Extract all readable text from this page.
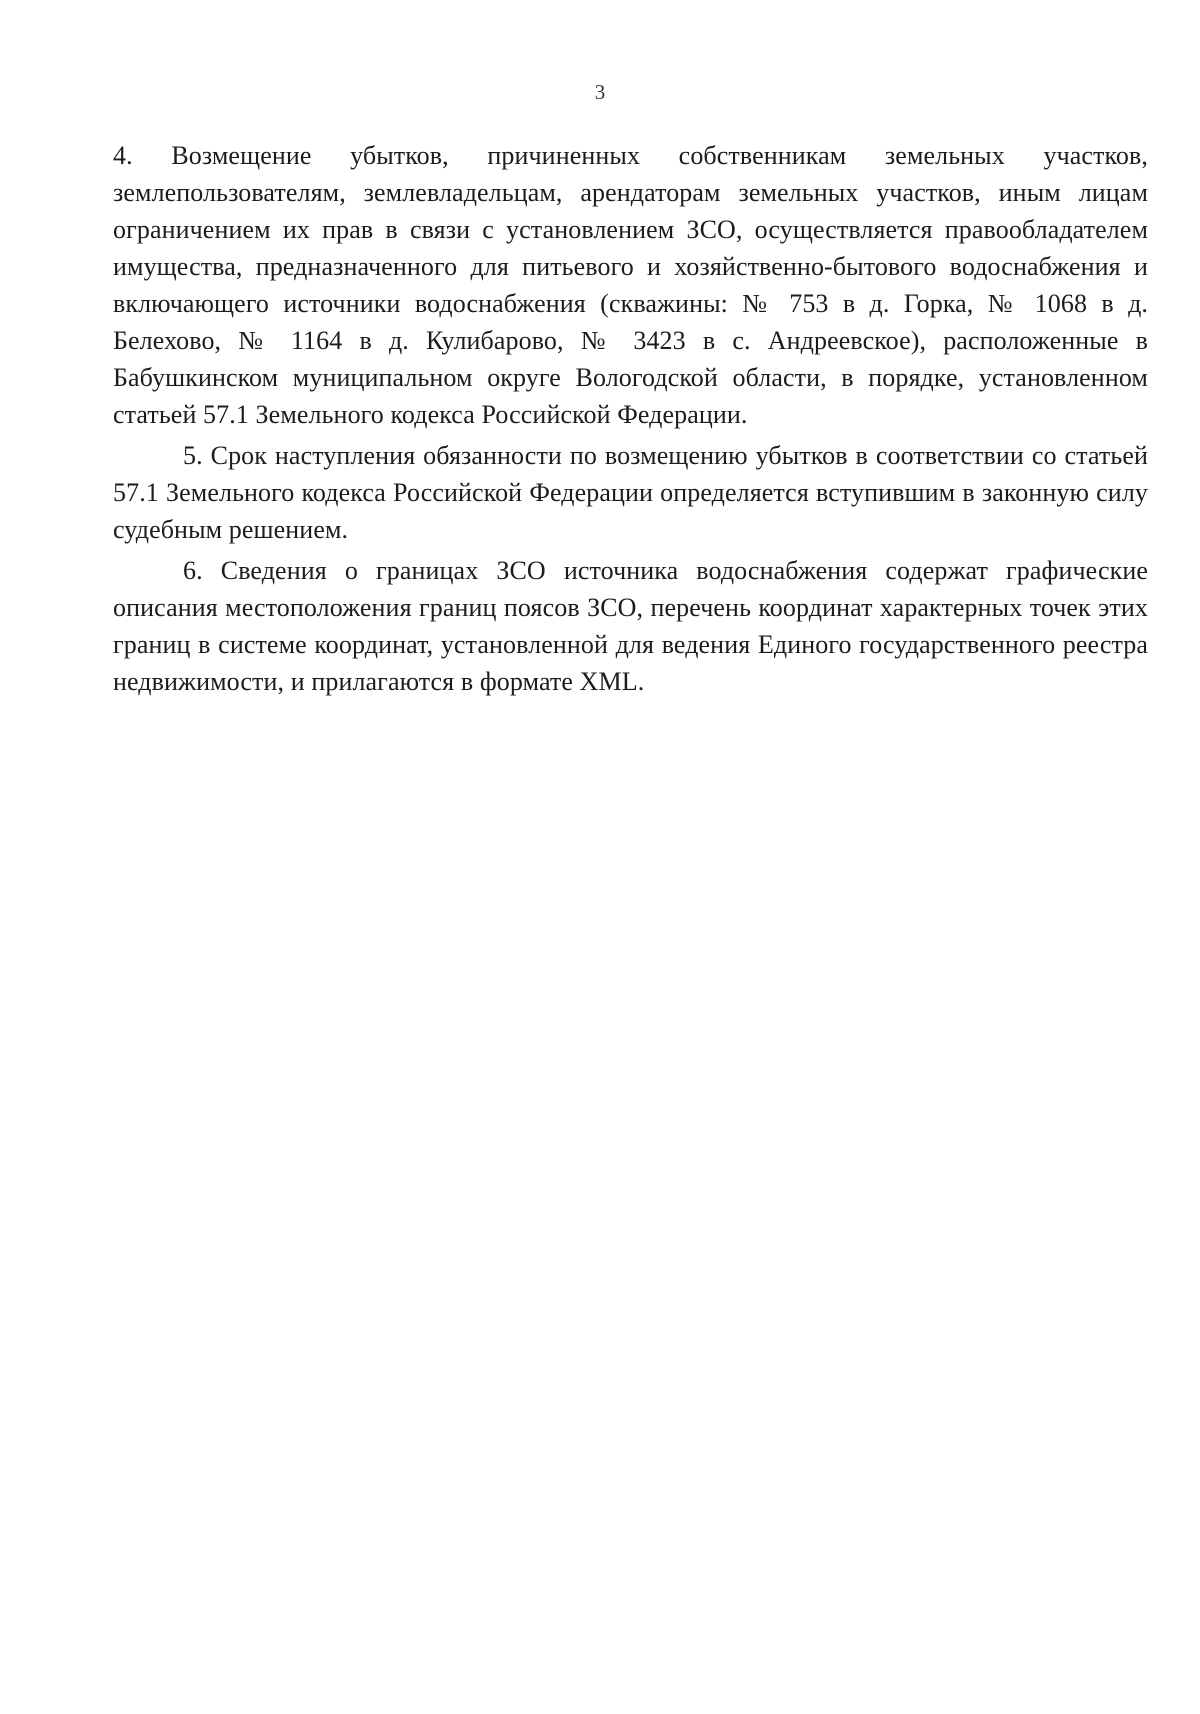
3

4. Возмещение убытков, причиненных собственникам земельных участков, землепользователям, землевладельцам, арендаторам земельных участков, иным лицам ограничением их прав в связи с установлением ЗСО, осуществляется правообладателем имущества, предназначенного для питьевого и хозяйственно-бытового водоснабжения и включающего источники водоснабжения (скважины: № 753 в д. Горка, № 1068 в д. Белехово, № 1164 в д. Кулибарово, № 3423 в с. Андреевское), расположенные в Бабушкинском муниципальном округе Вологодской области, в порядке, установленном статьей 57.1 Земельного кодекса Российской Федерации.

5. Срок наступления обязанности по возмещению убытков в соответствии со статьей 57.1 Земельного кодекса Российской Федерации определяется вступившим в законную силу судебным решением.

6. Сведения о границах ЗСО источника водоснабжения содержат графические описания местоположения границ поясов ЗСО, перечень координат характерных точек этих границ в системе координат, установленной для ведения Единого государственного реестра недвижимости, и прилагаются в формате XML.
